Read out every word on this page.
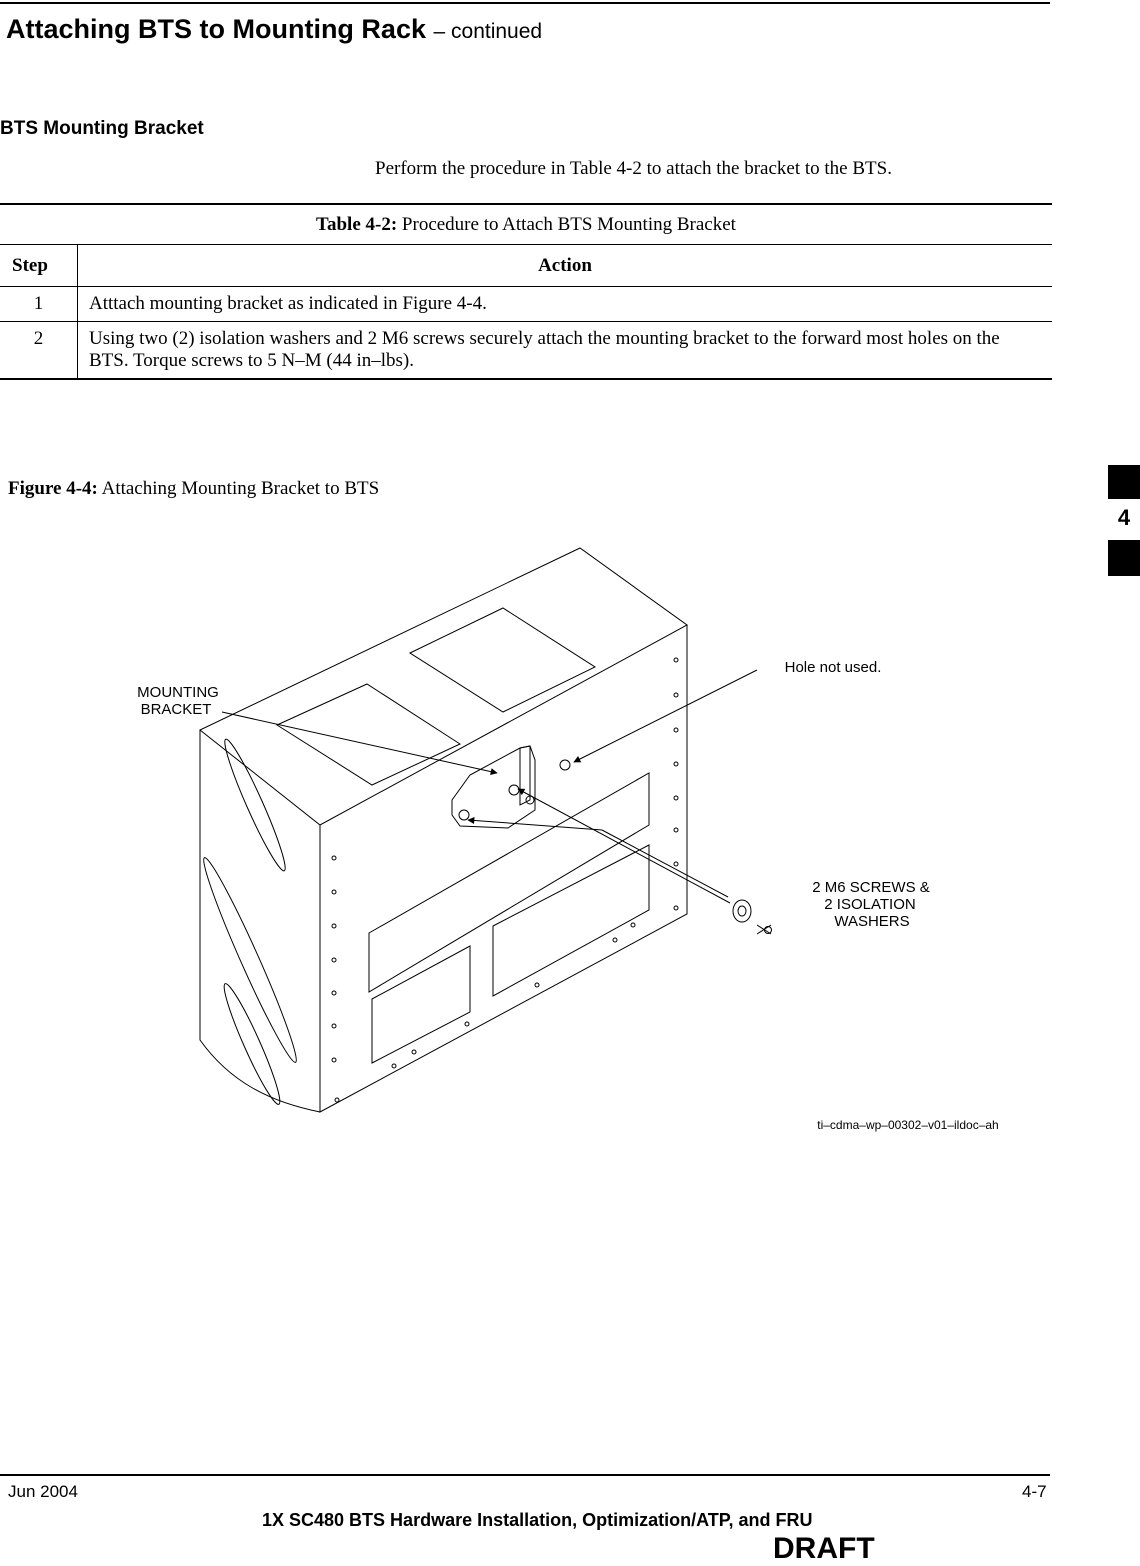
Attaching BTS to Mounting Rack – continued
BTS Mounting Bracket
Perform the procedure in Table 4-2 to attach the bracket to the BTS.
Table 4-2: Procedure to Attach BTS Mounting Bracket	
Step	Action
1	Atttach mounting bracket as indicated in Figure 4-4.
2	Using two (2) isolation washers and 2 M6 screws securely attach the mounting bracket to the forward most holes on the BTS. Torque screws to 5 N–M (44 in–lbs).
Figure 4-4: Attaching Mounting Bracket to BTS
MOUNTING
BRACKET
Hole not used.
2 M6 SCREWS &
2 ISOLATION
WASHERS
ti–cdma–wp–00302–v01–ildoc–ah
4
Jun 2004
1X SC480 BTS Hardware Installation, Optimization/ATP, and FRU
4-7
DRAFT
